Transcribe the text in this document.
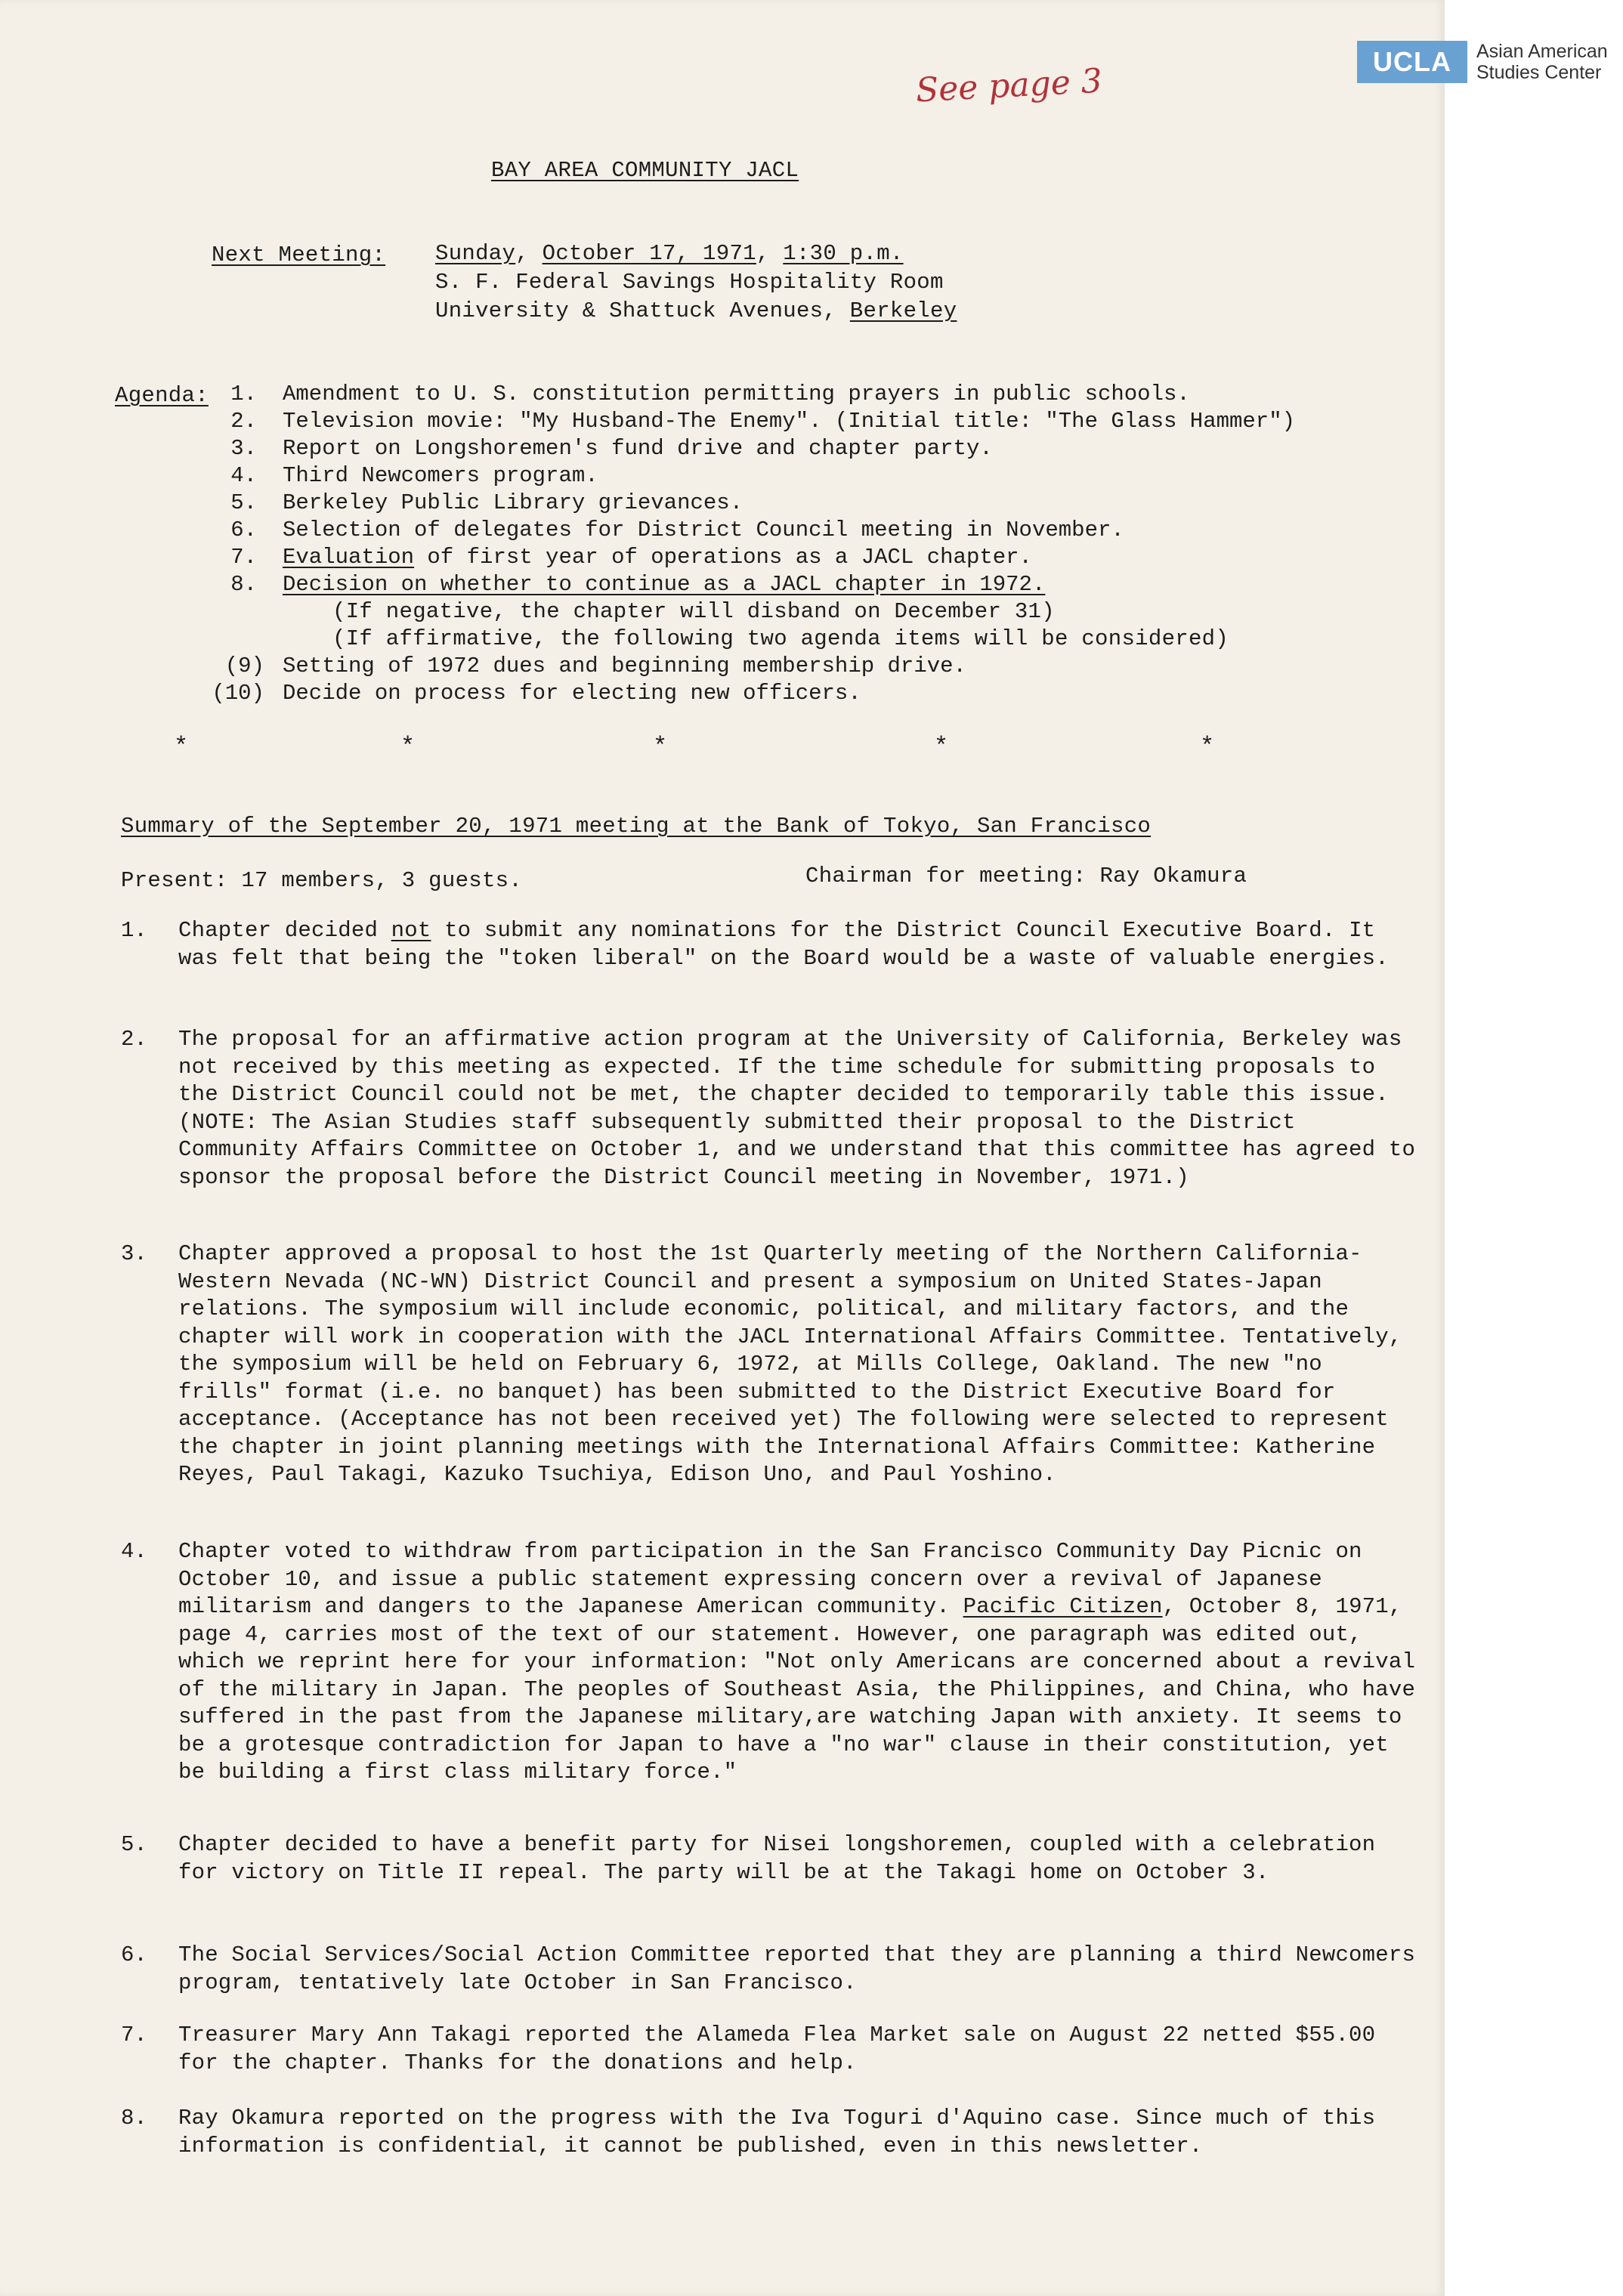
See page 3
BAY AREA COMMUNITY JACL
Next Meeting: Sunday, October 17, 1971, 1:30 p.m.
S. F. Federal Savings Hospitality Room
University & Shattuck Avenues, Berkeley
Agenda:	1. Amendment to U. S. constitution permitting prayers in public schools.
2. Television movie: "My Husband-The Enemy". (Initial title: "The Glass Hammer")
3. Report on Longshoremen's fund drive and chapter party.
4. Third Newcomers program.
5. Berkeley Public Library grievances.
6. Selection of delegates for District Council meeting in November.
7. Evaluation of first year of operations as a JACL chapter.
8. Decision on whether to continue as a JACL chapter in 1972.
(If negative, the chapter will disband on December 31)
(If affirmative, the following two agenda items will be considered)
(9) Setting of 1972 dues and beginning membership drive.
(10) Decide on process for electing new officers.
*	*	*	*	*
Summary of the September 20, 1971 meeting at the Bank of Tokyo, San Francisco
Present: 17 members, 3 guests.	Chairman for meeting: Ray Okamura
1. Chapter decided not to submit any nominations for the District Council Executive Board. It was felt that being the "token liberal" on the Board would be a waste of valuable energies.
2. The proposal for an affirmative action program at the University of California, Berkeley was not received by this meeting as expected. If the time schedule for submitting proposals to the District Council could not be met, the chapter decided to temporarily table this issue. (NOTE: The Asian Studies staff subsequently submitted their proposal to the District Community Affairs Committee on October 1, and we understand that this committee has agreed to sponsor the proposal before the District Council meeting in November, 1971.)
3. Chapter approved a proposal to host the 1st Quarterly meeting of the Northern California-Western Nevada (NC-WN) District Council and present a symposium on United States-Japan relations. The symposium will include economic, political, and military factors, and the chapter will work in cooperation with the JACL International Affairs Committee. Tentatively, the symposium will be held on February 6, 1972, at Mills College, Oakland. The new "no frills" format (i.e. no banquet) has been submitted to the District Executive Board for acceptance. (Acceptance has not been received yet) The following were selected to represent the chapter in joint planning meetings with the International Affairs Committee: Katherine Reyes, Paul Takagi, Kazuko Tsuchiya, Edison Uno, and Paul Yoshino.
4. Chapter voted to withdraw from participation in the San Francisco Community Day Picnic on October 10, and issue a public statement expressing concern over a revival of Japanese militarism and dangers to the Japanese American community. Pacific Citizen, October 8, 1971, page 4, carries most of the text of our statement. However, one paragraph was edited out, which we reprint here for your information: "Not only Americans are concerned about a revival of the military in Japan. The peoples of Southeast Asia, the Philippines, and China, who have suffered in the past from the Japanese military,are watching Japan with anxiety. It seems to be a grotesque contradiction for Japan to have a "no war" clause in their constitution, yet be building a first class military force."
5. Chapter decided to have a benefit party for Nisei longshoremen, coupled with a celebration for victory on Title II repeal. The party will be at the Takagi home on October 3.
6. The Social Services/Social Action Committee reported that they are planning a third Newcomers program, tentatively late October in San Francisco.
7. Treasurer Mary Ann Takagi reported the Alameda Flea Market sale on August 22 netted $55.00 for the chapter. Thanks for the donations and help.
8. Ray Okamura reported on the progress with the Iva Toguri d'Aquino case. Since much of this information is confidential, it cannot be published, even in this newsletter.
UCLA	Asian American
Studies Center
